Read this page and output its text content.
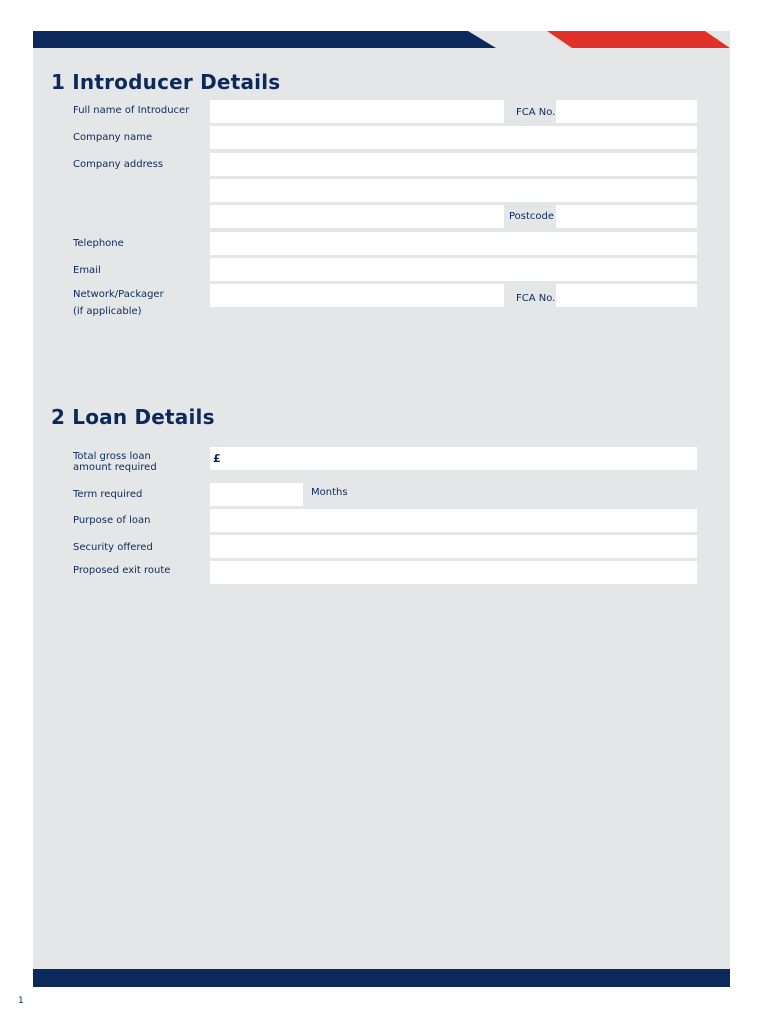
1 Introducer Details
Full name of Introducer	FCA No.
Company name
Company address
Postcode
Telephone
Email
Network/Packager
(if applicable)
FCA No.
2 Loan Details
Total gross loan
amount required
£
Term required	Months
Purpose of loan
Security offered
Proposed exit route
1
